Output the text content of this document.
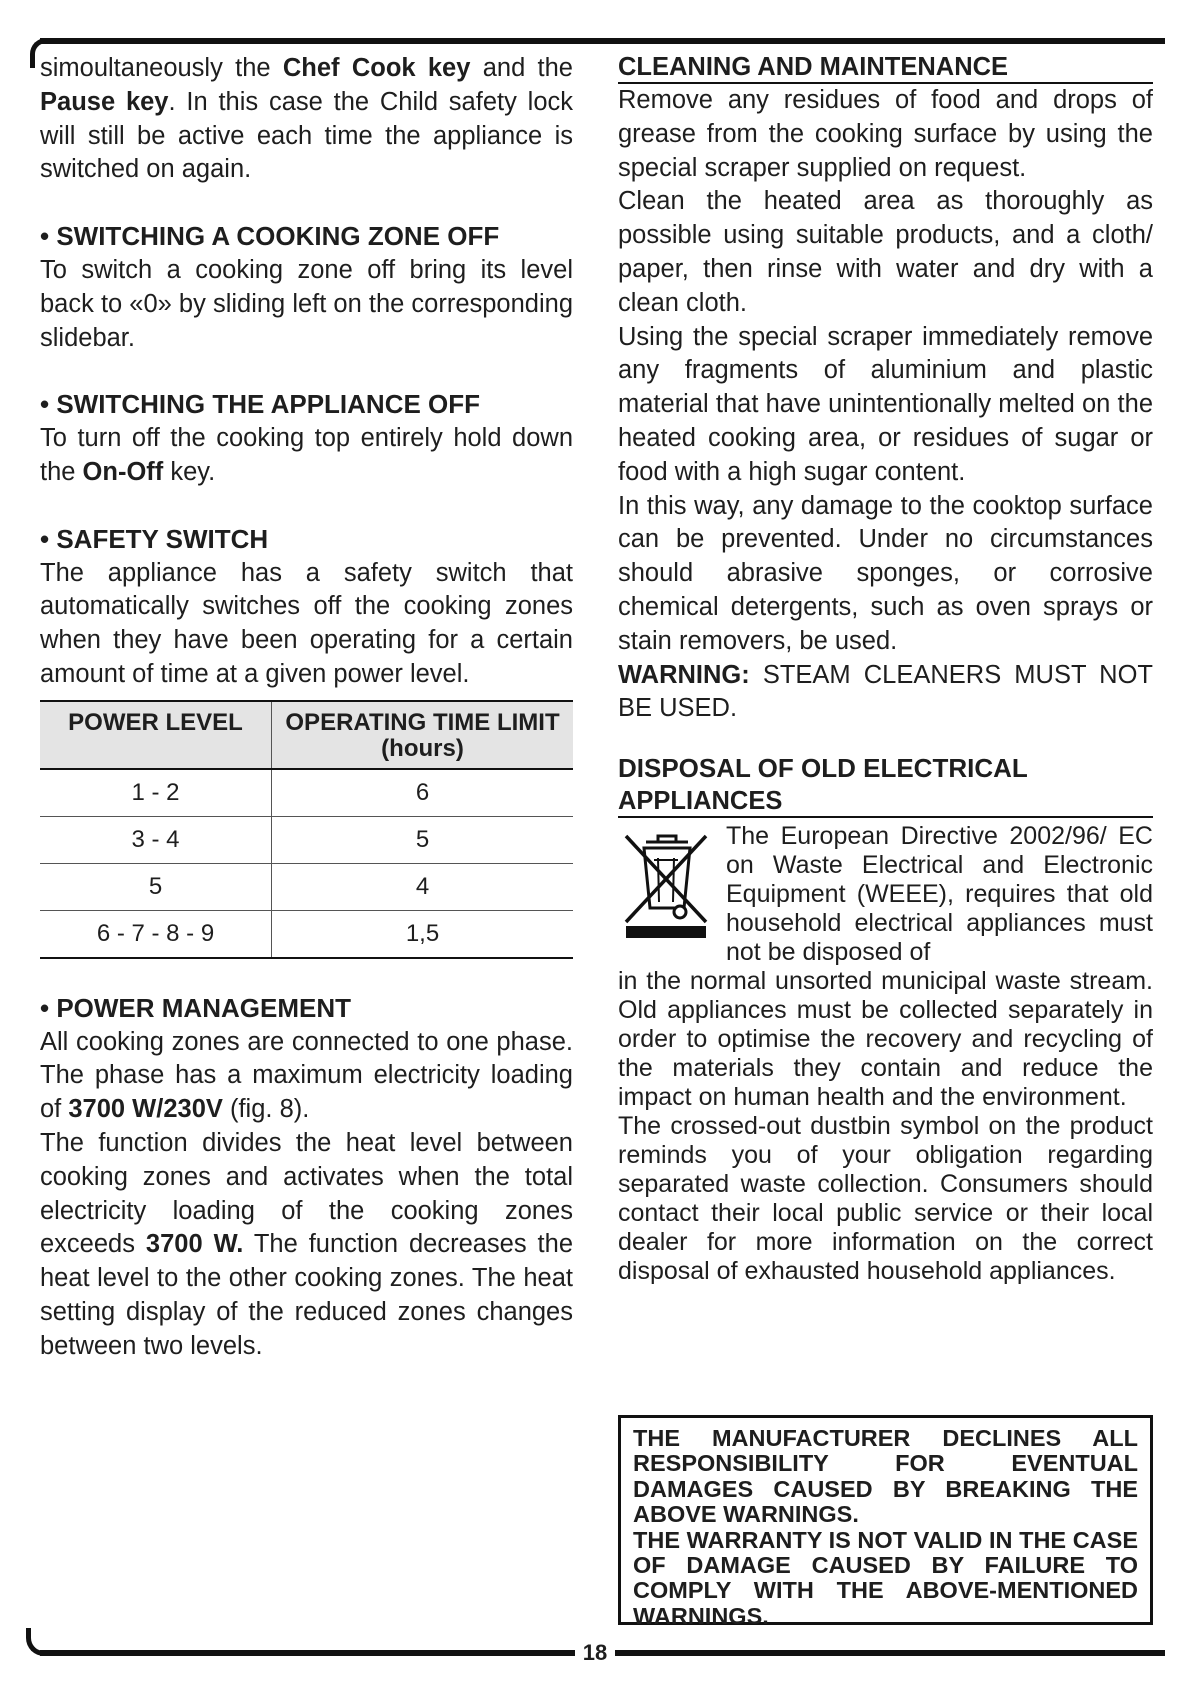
simoultaneously the Chef Cook key and the Pause key. In this case the Child safety lock will still be active each time the appliance is switched on again.

• SWITCHING A COOKING ZONE OFF

To switch a cooking zone off bring its level back to «0» by sliding left on the corresponding slidebar.

• SWITCHING THE APPLIANCE OFF

To turn off the cooking top entirely hold down the On-Off key.

• SAFETY SWITCH

The appliance has a safety switch that automatically switches off the cooking zones when they have been operating for a certain amount of time at a given power level.

POWER LEVEL	OPERATING TIME LIMIT (hours)
1 - 2	6
3 - 4	5
5	4
6 - 7 - 8 - 9	1,5
• POWER MANAGEMENT

All cooking zones are connected to one phase. The phase has a maximum electricity loading of 3700 W/230V (fig. 8).

The function divides the heat level between cooking zones and activates when the total electricity loading of the cooking zones exceeds 3700 W. The function decreases the heat level to the other cooking zones. The heat setting display of the reduced zones changes between two levels.

CLEANING AND MAINTENANCE

Remove any residues of food and drops of grease from the cooking surface by using the special scraper supplied on request.

Clean the heated area as thoroughly as possible using suitable products, and a cloth/ paper, then rinse with water and dry with a clean cloth.

Using the special scraper immediately remove any fragments of aluminium and plastic material that have unintentionally melted on the heated cooking area, or residues of sugar or food with a high sugar content.

In this way, any damage to the cooktop surface can be prevented. Under no circumstances should abrasive sponges, or corrosive chemical detergents, such as oven sprays or stain removers, be used.

WARNING: STEAM CLEANERS MUST NOT BE USED.

DISPOSAL OF OLD ELECTRICAL
APPLIANCES
The European Directive 2002/96/ EC on Waste Electrical and Electronic Equipment (WEEE), requires that old household electrical appliances must not be disposed of

in the normal unsorted municipal waste stream. Old appliances must be collected separately in order to optimise the recovery and recycling of the materials they contain and reduce the impact on human health and the environment.

The crossed-out dustbin symbol on the product reminds you of your obligation regarding separated waste collection. Consumers should contact their local public service or their local dealer for more information on the correct disposal of exhausted household appliances.

THE MANUFACTURER DECLINES ALL RESPONSIBILITY FOR EVENTUAL DAMAGES CAUSED BY BREAKING THE ABOVE WARNINGS.

THE WARRANTY IS NOT VALID IN THE CASE OF DAMAGE CAUSED BY FAILURE TO COMPLY WITH THE ABOVE-MENTIONED WARNINGS.

18
